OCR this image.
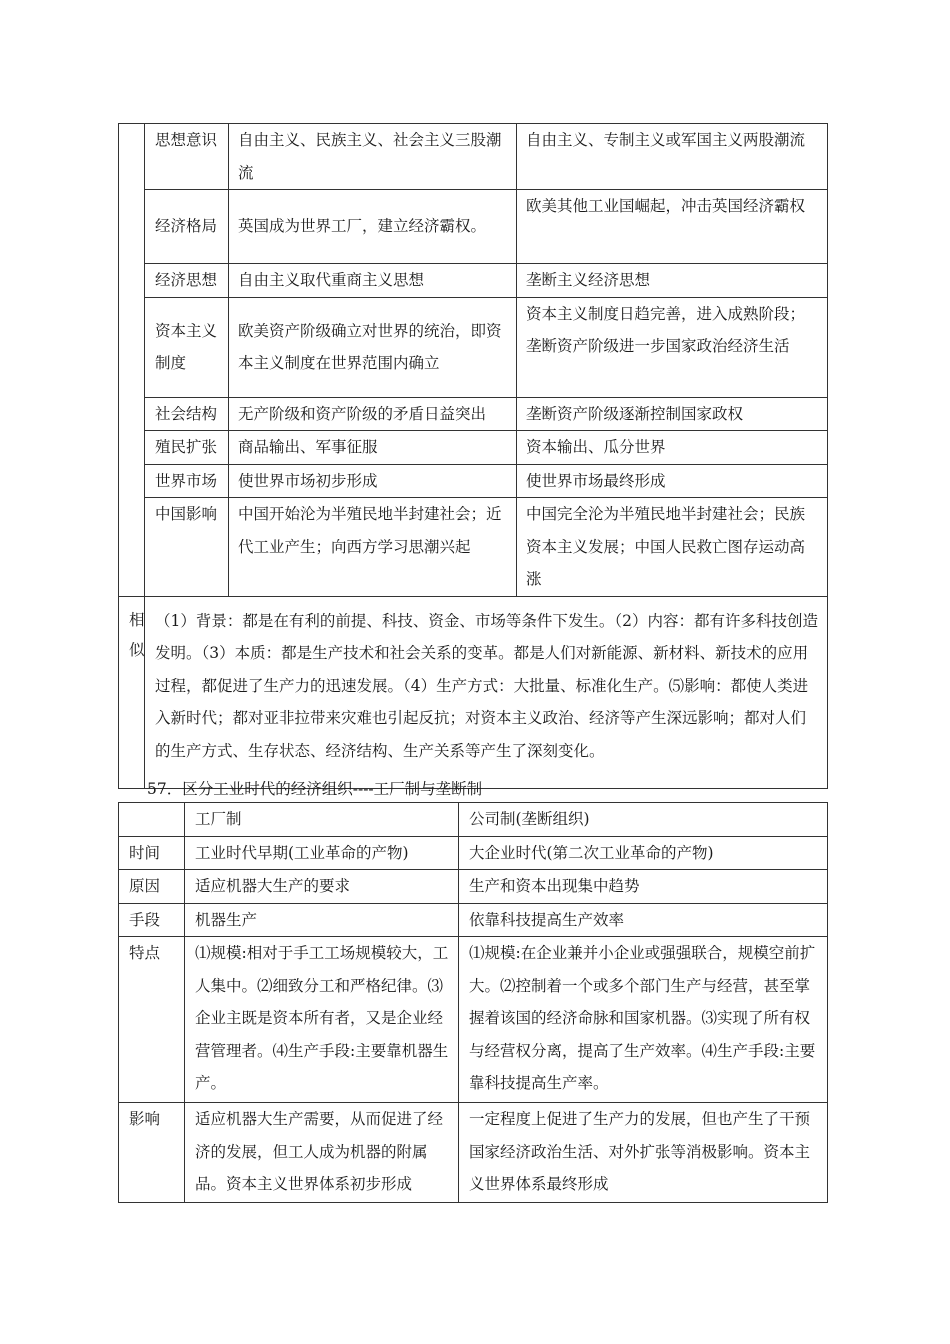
	思想意识	自由主义、民族主义、社会主义三股潮流	自由主义、专制主义或军国主义两股潮流
	经济格局	英国成为世界工厂，建立经济霸权。	欧美其他工业国崛起，冲击英国经济霸权
	经济思想	自由主义取代重商主义思想	垄断主义经济思想
	资本主义制度	欧美资产阶级确立对世界的统治，即资本主义制度在世界范围内确立	资本主义制度日趋完善，进入成熟阶段；垄断资产阶级进一步国家政治经济生活
	社会结构	无产阶级和资产阶级的矛盾日益突出	垄断资产阶级逐渐控制国家政权
	殖民扩张	商品输出、军事征服	资本输出、瓜分世界
	世界市场	使世界市场初步形成	使世界市场最终形成
	中国影响	中国开始沦为半殖民地半封建社会；近代工业产生；向西方学习思潮兴起	中国完全沦为半殖民地半封建社会；民族资本主义发展；中国人民救亡图存运动高涨
相似	（1）背景：都是在有利的前提、科技、资金、市场等条件下发生。（2）内容：都有许多科技创造发明。（3）本质：都是生产技术和社会关系的变革。都是人们对新能源、新材料、新技术的应用过程，都促进了生产力的迅速发展。（4）生产方式：大批量、标准化生产。⑸影响：都使人类进入新时代；都对亚非拉带来灾难也引起反抗；对资本主义政治、经济等产生深远影响；都对人们的生产方式、生存状态、经济结构、生产关系等产生了深刻变化。		
57．区分工业时代的经济组织----工厂制与垄断制
	工厂制	公司制(垄断组织)
时间	工业时代早期(工业革命的产物)	大企业时代(第二次工业革命的产物)
原因	适应机器大生产的要求	生产和资本出现集中趋势
手段	机器生产	依靠科技提高生产效率
特点	⑴规模:相对于手工工场规模较大，工人集中。⑵细致分工和严格纪律。⑶企业主既是资本所有者，又是企业经营管理者。⑷生产手段:主要靠机器生产。	⑴规模:在企业兼并小企业或强强联合，规模空前扩大。⑵控制着一个或多个部门生产与经营，甚至掌握着该国的经济命脉和国家机器。⑶实现了所有权与经营权分离，提高了生产效率。⑷生产手段:主要靠科技提高生产率。
影响	适应机器大生产需要，从而促进了经济的发展，但工人成为机器的附属品。资本主义世界体系初步形成	一定程度上促进了生产力的发展，但也产生了干预国家经济政治生活、对外扩张等消极影响。资本主义世界体系最终形成
